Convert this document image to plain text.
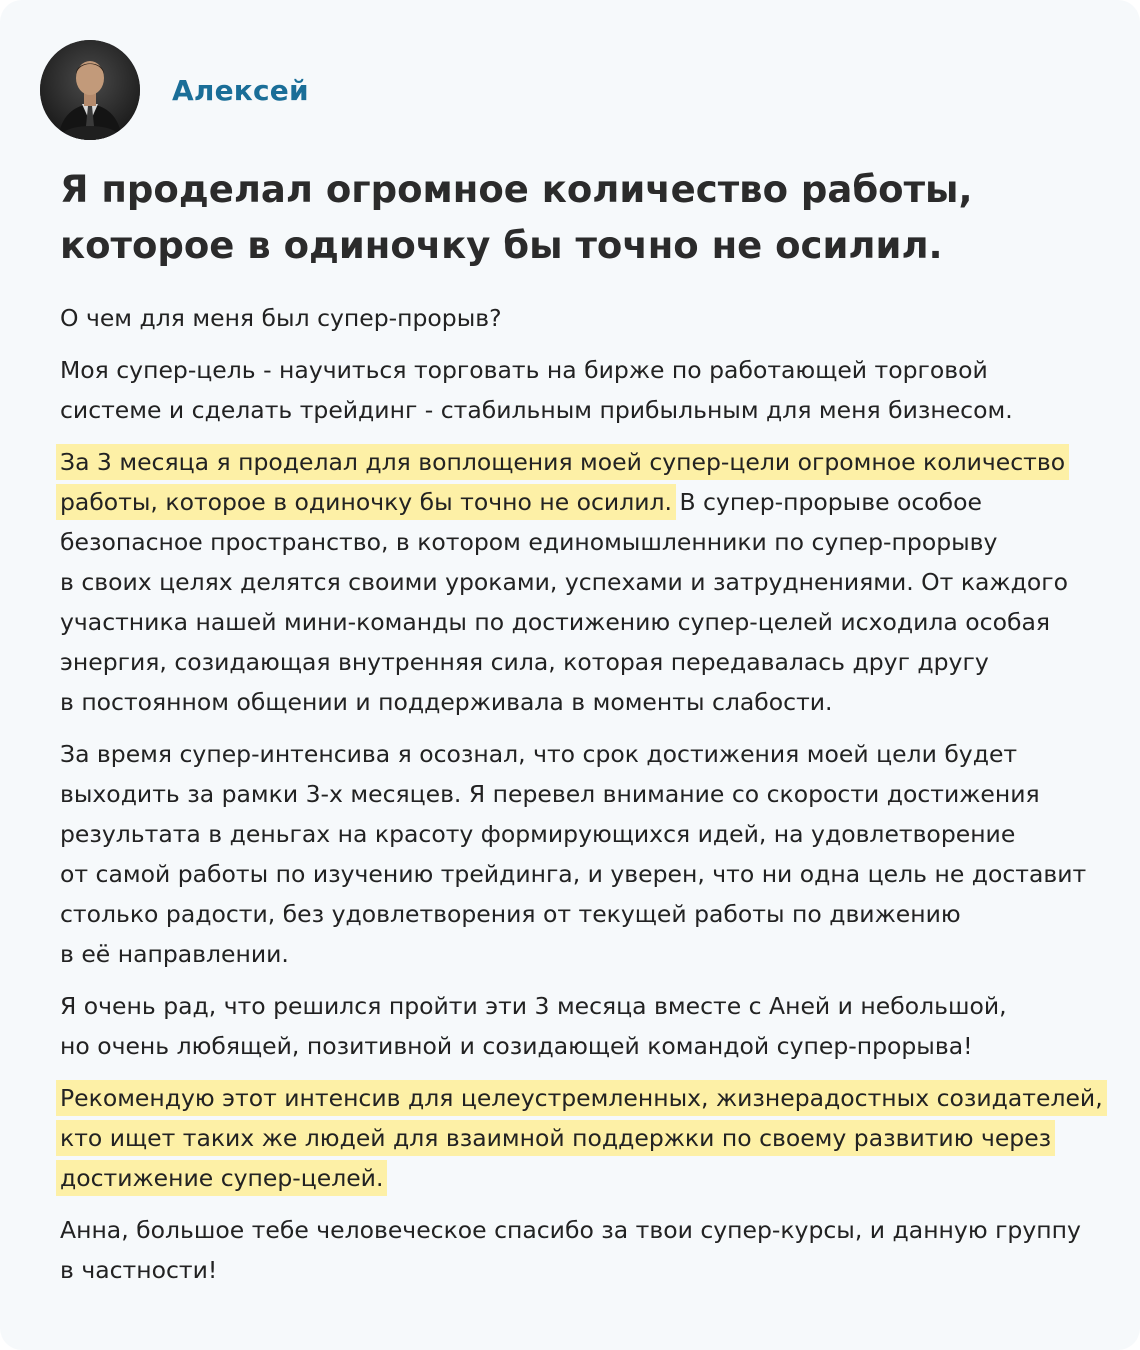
Алексей
Я проделал огромное количество работы,
которое в одиночку бы точно не осилил.

О чем для меня был супер-прорыв?

Моя супер-цель - научиться торговать на бирже по работающей торговой
системе и сделать трейдинг - стабильным прибыльным для меня бизнесом.

За 3 месяца я проделал для воплощения моей супер-цели огромное количество
работы, которое в одиночку бы точно не осилил. В супер-прорыве особое
безопасное пространство, в котором единомышленники по супер-прорыву
в своих целях делятся своими уроками, успехами и затруднениями. От каждого
участника нашей мини-команды по достижению супер-целей исходила особая
энергия, созидающая внутренняя сила, которая передавалась друг другу
в постоянном общении и поддерживала в моменты слабости.

За время супер-интенсива я осознал, что срок достижения моей цели будет
выходить за рамки 3-х месяцев. Я перевел внимание со скорости достижения
результата в деньгах на красоту формирующихся идей, на удовлетворение
от самой работы по изучению трейдинга, и уверен, что ни одна цель не доставит
столько радости, без удовлетворения от текущей работы по движению
в её направлении.

Я очень рад, что решился пройти эти 3 месяца вместе с Аней и небольшой,
но очень любящей, позитивной и созидающей командой супер-прорыва!

Рекомендую этот интенсив для целеустремленных, жизнерадостных созидателей,
кто ищет таких же людей для взаимной поддержки по своему развитию через
достижение супер-целей.

Анна, большое тебе человеческое спасибо за твои супер-курсы, и данную группу
в частности!
